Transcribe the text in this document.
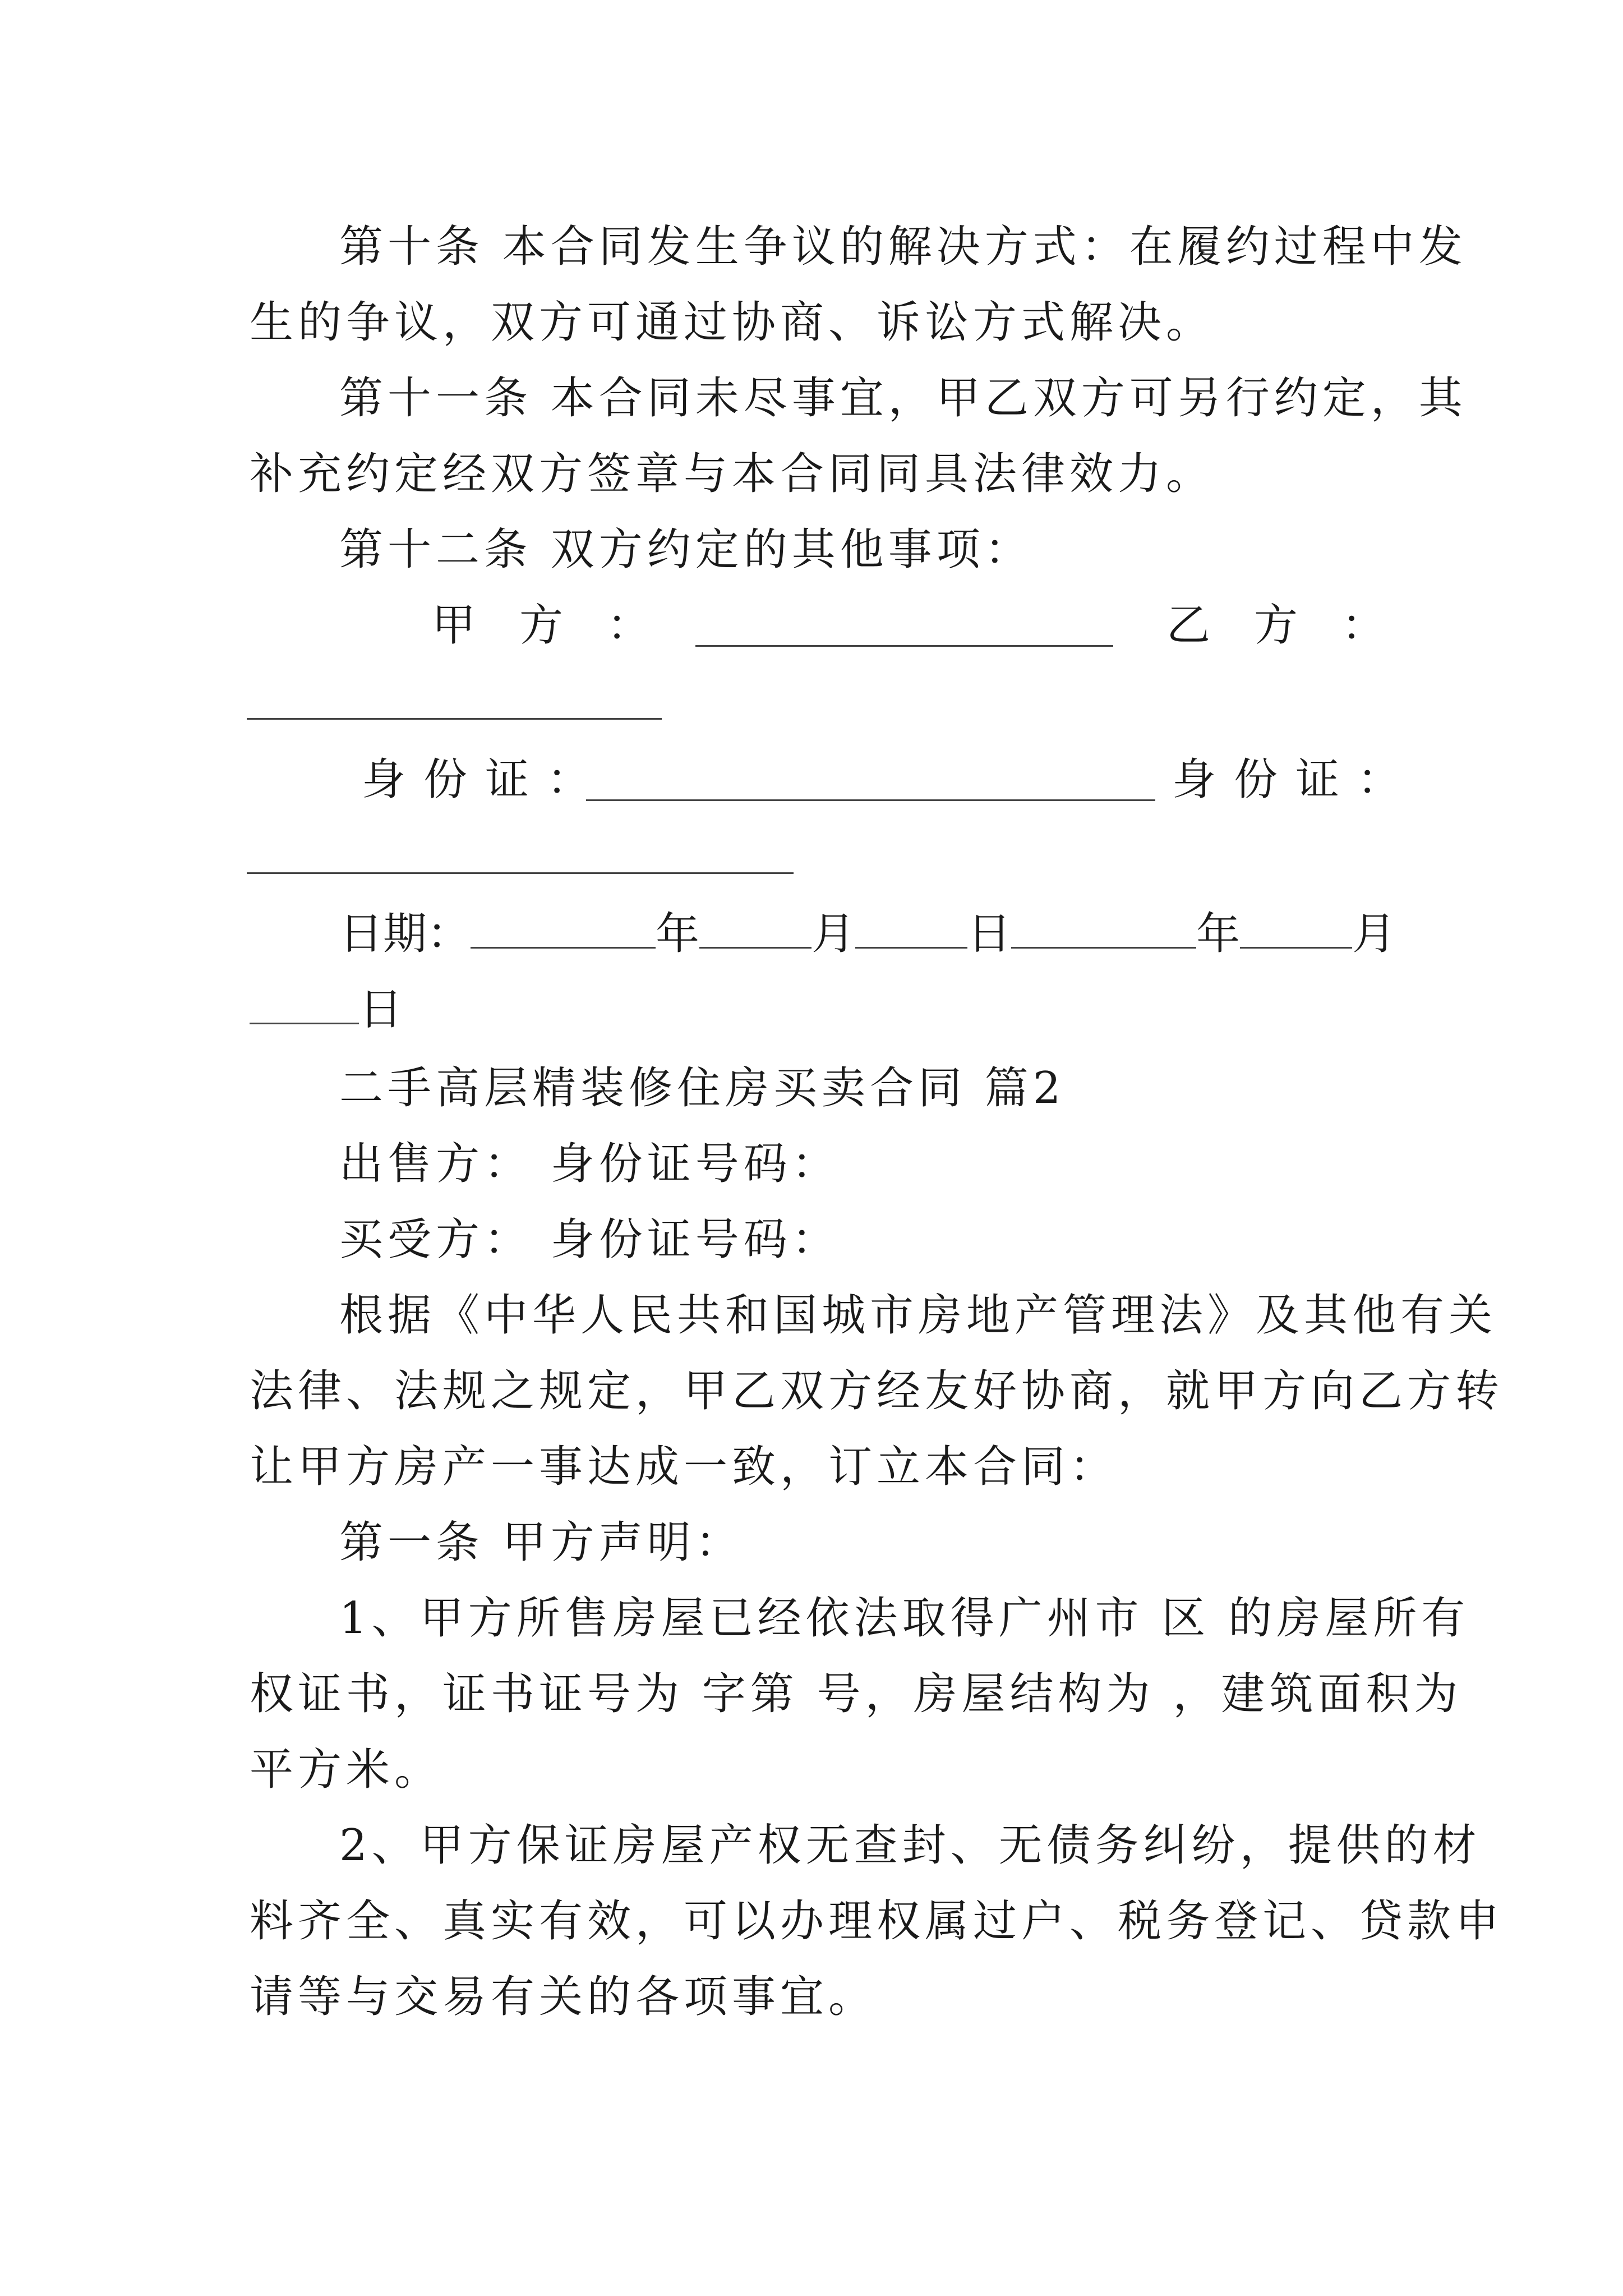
第十条 本合同发生争议的解决方式：在履约过程中发
生的争议，双方可通过协商、诉讼方式解决。
第十一条 本合同未尽事宜，甲乙双方可另行约定，其
补充约定经双方签章与本合同同具法律效力。
第十二条 双方约定的其他事项：
甲方：	乙方：
身份证：	身份证：
日期：	年	月	日	年	月
日
二手高层精装修住房买卖合同 篇2
出售方： 身份证号码：
买受方： 身份证号码：
根据《中华人民共和国城市房地产管理法》及其他有关
法律、法规之规定，甲乙双方经友好协商，就甲方向乙方转
让甲方房产一事达成一致，订立本合同：
第一条 甲方声明：
1、甲方所售房屋已经依法取得广州市 区 的房屋所有
权证书，证书证号为 字第 号，房屋结构为 ，建筑面积为
平方米。
2、甲方保证房屋产权无查封、无债务纠纷，提供的材
料齐全、真实有效，可以办理权属过户、税务登记、贷款申
请等与交易有关的各项事宜。
